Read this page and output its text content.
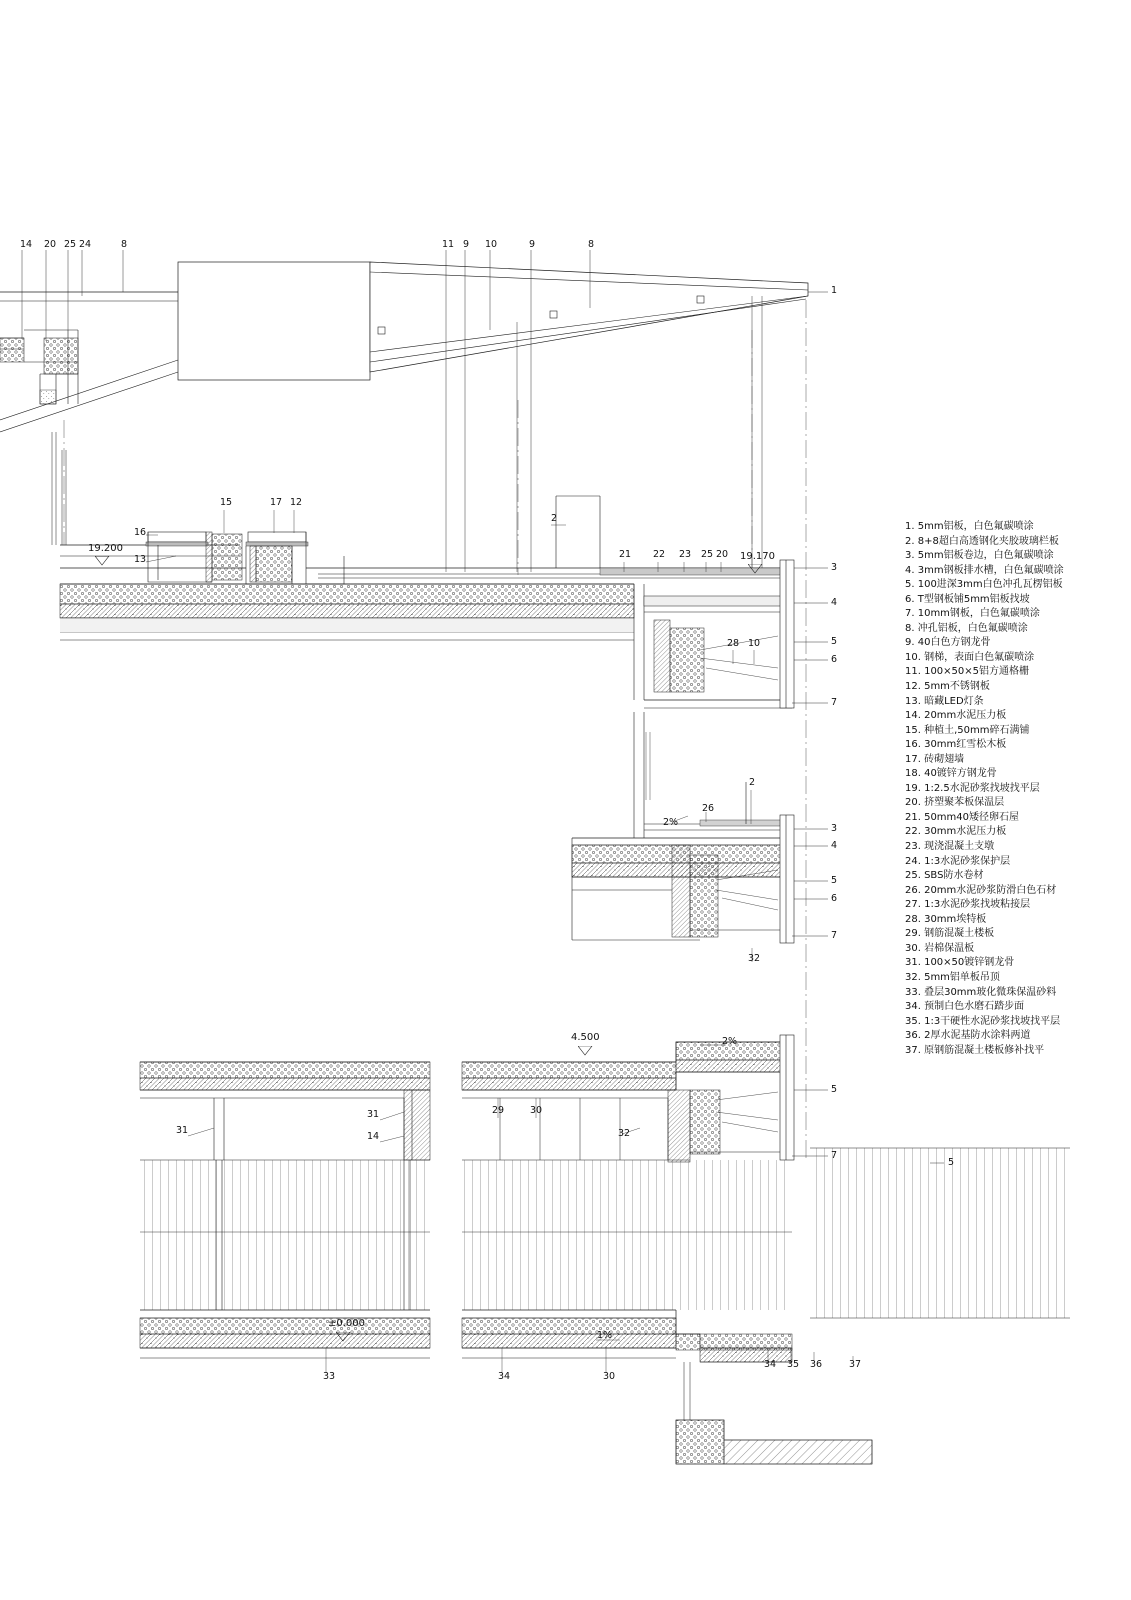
19.200
19.170
4.500
±0.000
2%
2%
1%
14 20 25 24	8	11 9 10	9	8
1
3
4
5
6
7
3
4
5
6
7
5
7
5
15	17 12
16
13
2
21 22 23 25 20
28 10
2
26
32
31
31
14
29	30
32
33	34	30
34 35 36	37
1. 5mm铝板，白色氟碳喷涂
2. 8+8超白高透钢化夹胶玻璃栏板
3. 5mm铝板卷边，白色氟碳喷涂
4. 3mm钢板排水槽，白色氟碳喷涂
5. 100进深3mm白色冲孔瓦楞铝板
6. T型钢板铺5mm铝板找坡
7. 10mm钢板，白色氟碳喷涂
8. 冲孔铝板，白色氟碳喷涂
9. 40白色方钢龙骨
10. 钢梯，表面白色氟碳喷涂
11. 100×50×5铝方通格栅
12. 5mm不锈钢板
13. 暗藏LED灯条
14. 20mm水泥压力板
15. 种植土,50mm碎石满铺
16. 30mm红雪松木板
17. 砖砌翅墙
18. 40镀锌方钢龙骨
19. 1:2.5水泥砂浆找坡找平层
20. 挤塑聚苯板保温层
21. 50mm40矮径卵石屋
22. 30mm水泥压力板
23. 现浇混凝土支墩
24. 1:3水泥砂浆保护层
25. SBS防水卷材
26. 20mm水泥砂浆防滑白色石材
27. 1:3水泥砂浆找坡粘接层
28. 30mm埃特板
29. 钢筋混凝土楼板
30. 岩棉保温板
31. 100×50镀锌钢龙骨
32. 5mm铝单板吊顶
33. 叠层30mm玻化微珠保温砂料
34. 预制白色水磨石踏步面
35. 1:3干硬性水泥砂浆找坡找平层
36. 2厚水泥基防水涂料两道
37. 原钢筋混凝土楼板修补找平
